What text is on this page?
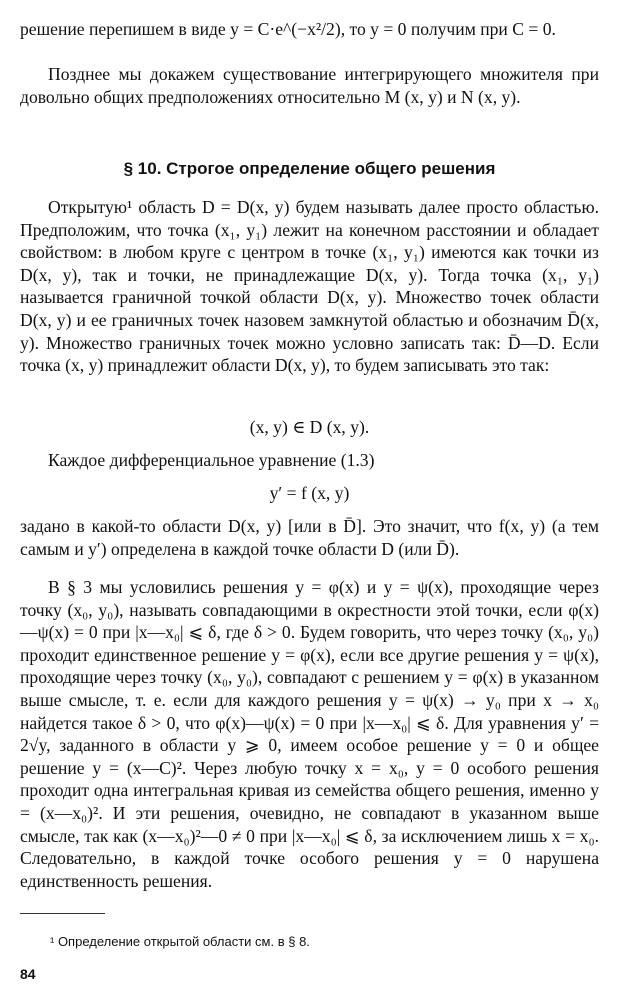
решение перепишем в виде y = C·e^(−x²/2), то y = 0 получим при C = 0.

Позднее мы докажем существование интегрирующего множителя при довольно общих предположениях относительно M (x, y) и N (x, y).

§ 10. Строгое определение общего решения

Открытую¹ область D = D(x, y) будем называть далее просто областью. Предположим, что точка (x₁, y₁) лежит на конечном расстоянии и обладает свойством: в любом круге с центром в точке (x₁, y₁) имеются как точки из D(x, y), так и точки, не принадлежащие D(x, y). Тогда точка (x₁, y₁) называется граничной точкой области D(x, y). Множество точек области D(x, y) и ее граничных точек назовем замкнутой областью и обозначим D̄(x, y). Множество граничных точек можно условно записать так: D̄—D. Если точка (x, y) принадлежит области D(x, y), то будем записывать это так:

(x, y) ∈ D (x, y).

Каждое дифференциальное уравнение (1.3)

y′ = f (x, y)

задано в какой-то области D(x, y) [или в D̄]. Это значит, что f(x, y) (а тем самым и y′) определена в каждой точке области D (или D̄).

В § 3 мы условились решения y = φ(x) и y = ψ(x), проходящие через точку (x₀, y₀), называть совпадающими в окрестности этой точки, если φ(x)—ψ(x) = 0 при |x—x₀| ⩽ δ, где δ > 0. Будем говорить, что через точку (x₀, y₀) проходит единственное решение y = φ(x), если все другие решения y = ψ(x), проходящие через точку (x₀, y₀), совпадают с решением y = φ(x) в указанном выше смысле, т. е. если для каждого решения y = ψ(x) → y₀ при x → x₀ найдется такое δ > 0, что φ(x)—ψ(x) = 0 при |x—x₀| ⩽ δ. Для уравнения y′ = 2√y, заданного в области y ⩾ 0, имеем особое решение y = 0 и общее решение y = (x—C)². Через любую точку x = x₀, y = 0 особого решения проходит одна интегральная кривая из семейства общего решения, именно y = (x—x₀)². И эти решения, очевидно, не совпадают в указанном выше смысле, так как (x—x₀)²—0 ≠ 0 при |x—x₀| ⩽ δ, за исключением лишь x = x₀. Следовательно, в каждой точке особого решения y = 0 нарушена единственность решения.

¹ Определение открытой области см. в § 8.
84
